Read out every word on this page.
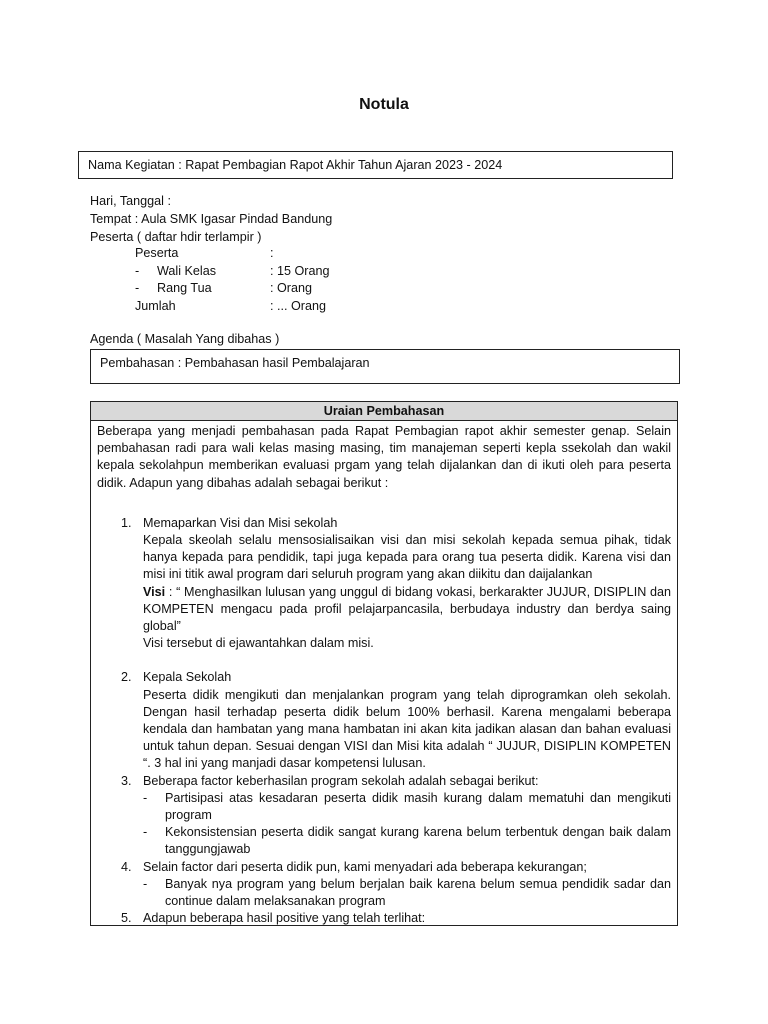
Notula
Nama Kegiatan : Rapat Pembagian Rapot Akhir Tahun Ajaran 2023 - 2024
Hari, Tanggal :
Tempat : Aula SMK Igasar Pindad Bandung
Peserta ( daftar hdir terlampir )
Peserta	:
- Wali Kelas	: 15 Orang
- Rang Tua	: Orang
Jumlah	: ... Orang
Agenda ( Masalah Yang dibahas )
Pembahasan : Pembahasan hasil Pembalajaran
Uraian Pembahasan
Beberapa yang menjadi pembahasan pada Rapat Pembagian rapot akhir semester genap. Selain pembahasan radi para wali kelas masing masing, tim manajeman seperti kepla ssekolah dan wakil kepala sekolahpun memberikan evaluasi prgam yang telah dijalankan dan di ikuti oleh para peserta didik. Adapun yang dibahas adalah sebagai berikut :
1. Memaparkan Visi dan Misi sekolah
Kepala skeolah selalu mensosialisaikan visi dan misi sekolah kepada semua pihak, tidak hanya kepada para pendidik, tapi juga kepada para orang tua peserta didik. Karena visi dan misi ini titik awal program dari seluruh program yang akan diikitu dan daijalankan
Visi : “ Menghasilkan lulusan yang unggul di bidang vokasi, berkarakter JUJUR, DISIPLIN dan KOMPETEN mengacu pada profil pelajarpancasila, berbudaya industry dan berdya saing global”
Visi tersebut di ejawantahkan dalam misi.
2. Kepala Sekolah
Peserta didik mengikuti dan menjalankan program yang telah diprogramkan oleh sekolah. Dengan hasil terhadap peserta didik belum 100% berhasil. Karena mengalami beberapa kendala dan hambatan yang mana hambatan ini akan kita jadikan alasan dan bahan evaluasi untuk tahun depan. Sesuai dengan VISI dan Misi kita adalah “ JUJUR, DISIPLIN KOMPETEN “. 3 hal ini yang manjadi dasar kompetensi lulusan.
3. Beberapa factor keberhasilan program sekolah adalah sebagai berikut:
- Partisipasi atas kesadaran peserta didik masih kurang dalam mematuhi dan mengikuti program
- Kekonsistensian peserta didik sangat kurang karena belum terbentuk dengan baik dalam tanggungjawab
4. Selain factor dari peserta didik pun, kami menyadari ada beberapa kekurangan;
- Banyak nya program yang belum berjalan baik karena belum semua pendidik sadar dan continue dalam melaksanakan program
5. Adapun beberapa hasil positive yang telah terlihat:
